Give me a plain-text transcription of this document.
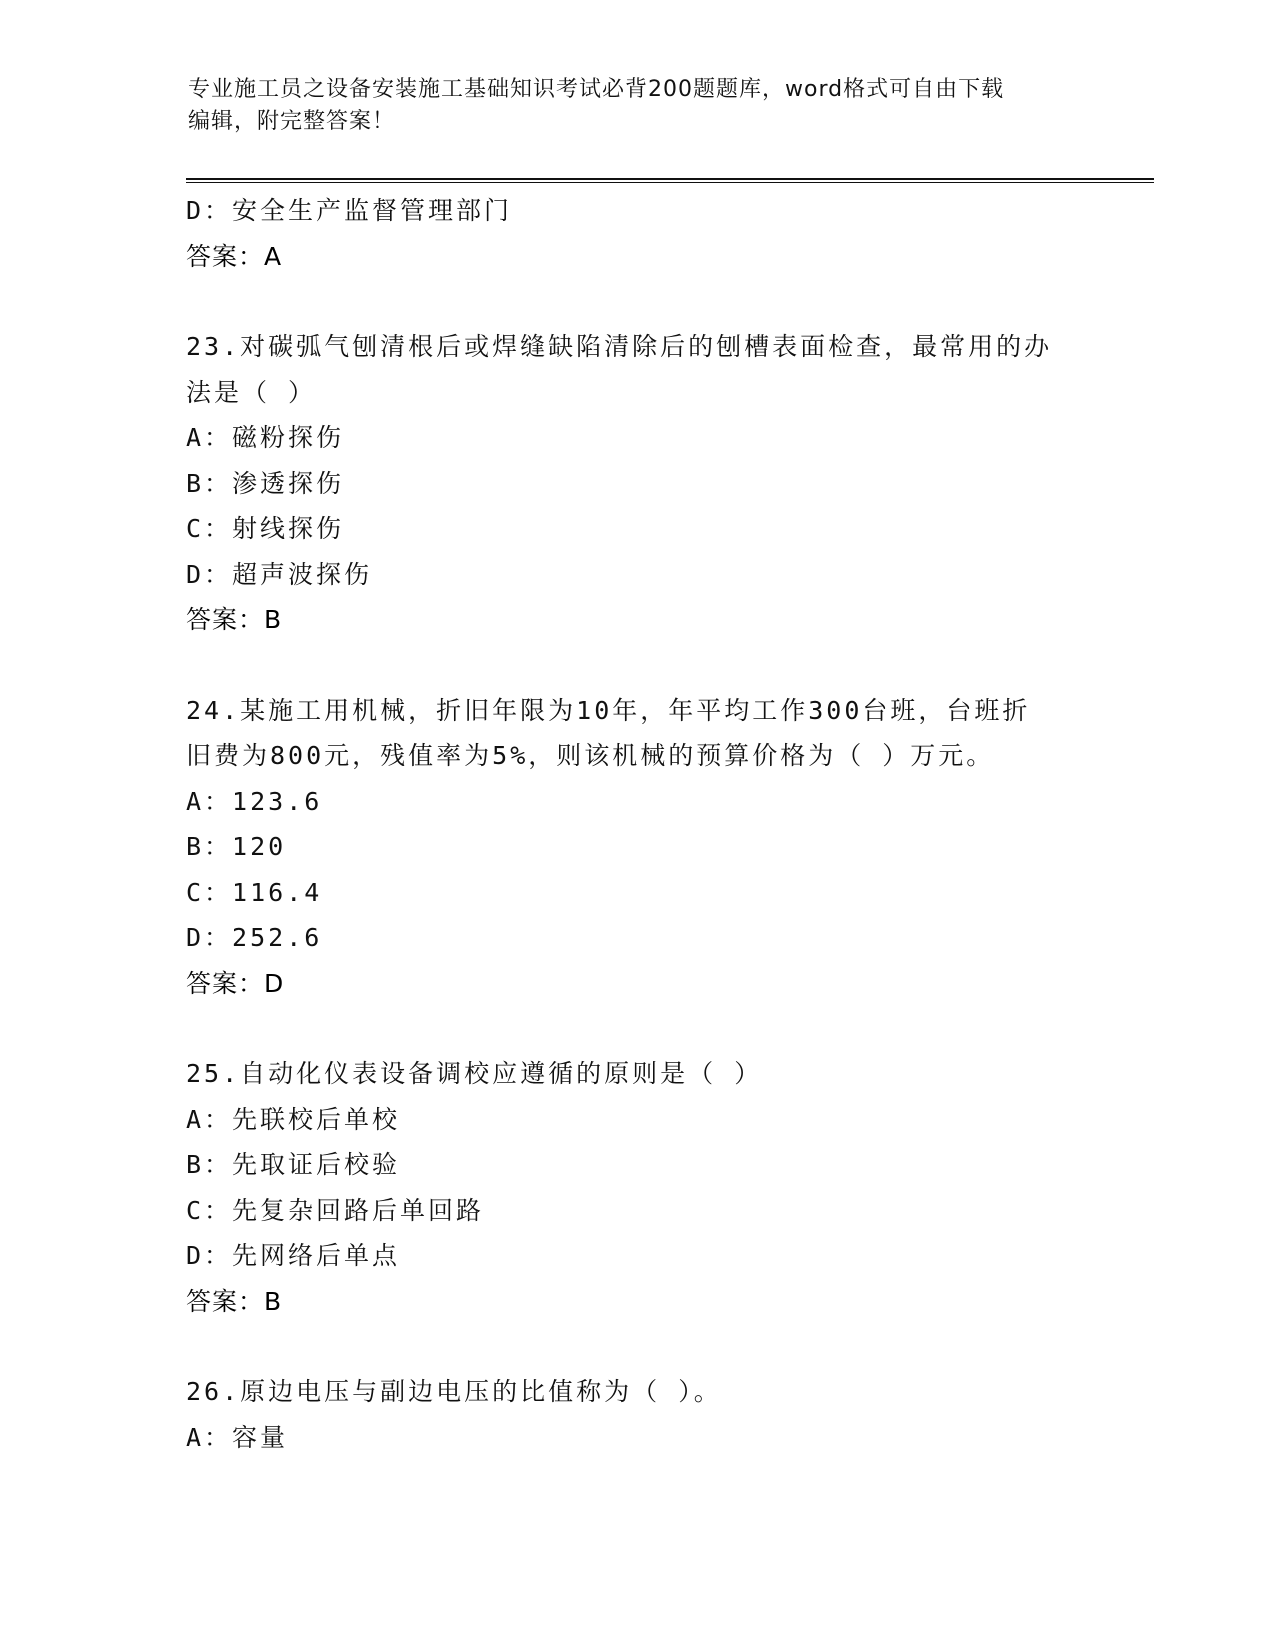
专业施工员之设备安装施工基础知识考试必背200题题库，word格式可自由下载
编辑，附完整答案！
D：安全生产监督管理部门
答案：A
23.对碳弧气刨清根后或焊缝缺陷清除后的刨槽表面检查，最常用的办
法是（ ）
A：磁粉探伤
B：渗透探伤
C：射线探伤
D：超声波探伤
答案：B
24.某施工用机械，折旧年限为10年，年平均工作300台班，台班折
旧费为800元，残值率为5%，则该机械的预算价格为（ ）万元。
A：123.6
B：120
C：116.4
D：252.6
答案：D
25.自动化仪表设备调校应遵循的原则是（ ）
A：先联校后单校
B：先取证后校验
C：先复杂回路后单回路
D：先网络后单点
答案：B
26.原边电压与副边电压的比值称为（ ）。
A：容量
